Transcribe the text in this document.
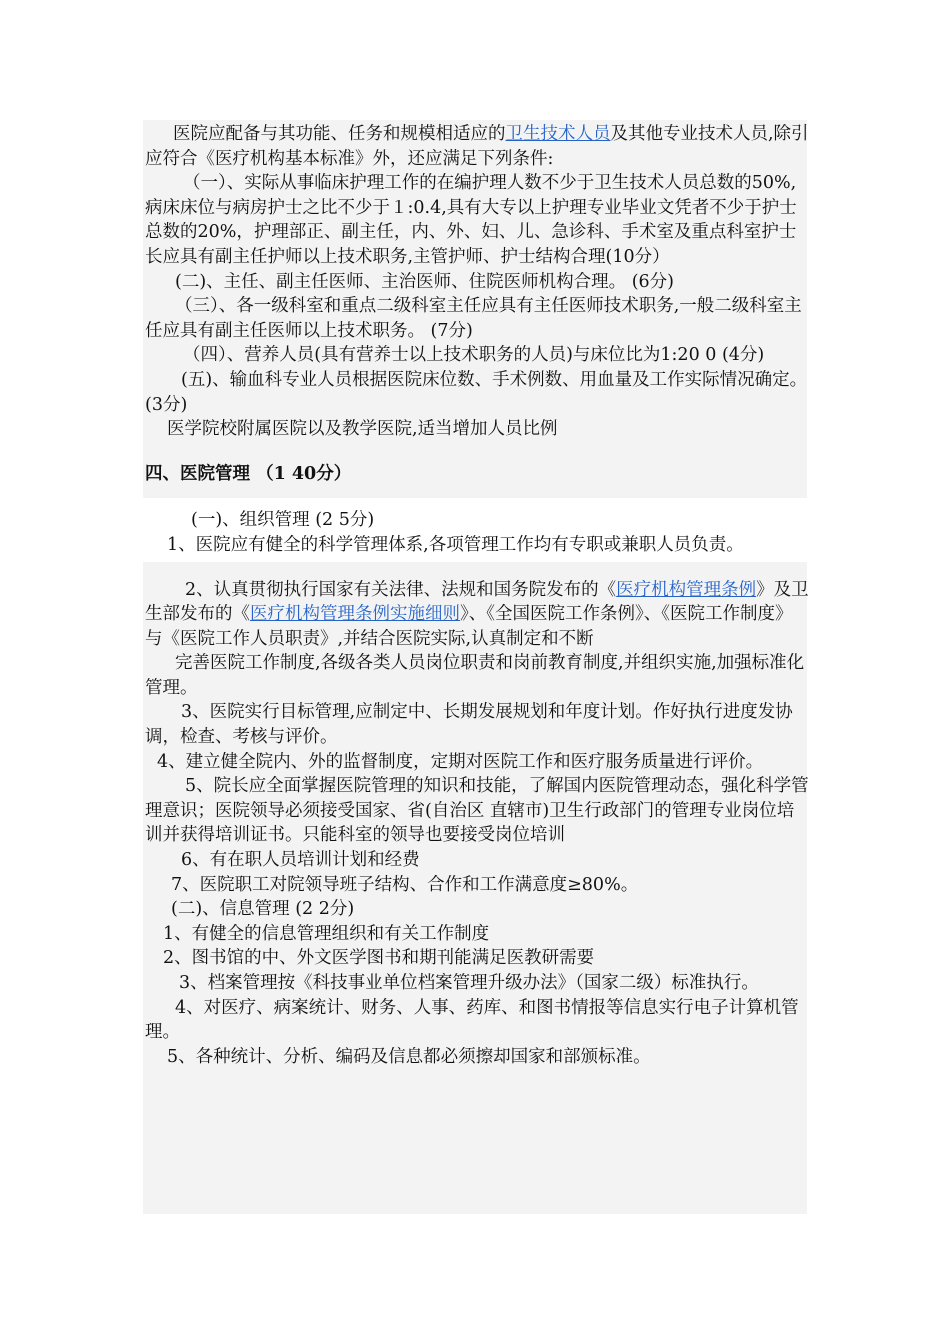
医院应配备与其功能、任务和规模相适应的卫生技术人员及其他专业技术人员,除引应符合《医疗机构基本标准》外，还应满足下列条件:

（一）、实际从事临床护理工作的在编护理人数不少于卫生技术人员总数的50%,病床床位与病房护士之比不少于１:0.4,具有大专以上护理专业毕业文凭者不少于护士总数的20%，护理部正、副主任，内、外、妇、儿、急诊科、手术室及重点科室护士长应具有副主任护师以上技术职务,主管护师、护士结构合理(10分）

(二)、主任、副主任医师、主治医师、住院医师机构合理。 (6分)

（三）、各一级科室和重点二级科室主任应具有主任医师技术职务,一般二级科室主任应具有副主任医师以上技术职务。 (7分)

（四）、营养人员(具有营养士以上技术职务的人员)与床位比为1:20 0 (4分)

(五)、输血科专业人员根据医院床位数、手术例数、用血量及工作实际情况确定。 (3分)

医学院校附属医院以及教学医院,适当增加人员比例

四、医院管理 （1 40分）

(一)、组织管理 (2 5分)

1、医院应有健全的科学管理体系,各项管理工作均有专职或兼职人员负责。

2、认真贯彻执行国家有关法律、法规和国务院发布的《医疗机构管理条例》及卫生部发布的《医疗机构管理条例实施细则》、《全国医院工作条例》、《医院工作制度》与《医院工作人员职责》,并结合医院实际,认真制定和不断

完善医院工作制度,各级各类人员岗位职责和岗前教育制度,并组织实施,加强标准化管理。

3、医院实行目标管理,应制定中、长期发展规划和年度计划。作好执行进度发协调，检查、考核与评价。

4、建立健全院内、外的监督制度，定期对医院工作和医疗服务质量进行评价。

5、院长应全面掌握医院管理的知识和技能，了解国内医院管理动态，强化科学管理意识；医院领导必须接受国家、省(自治区 直辖市)卫生行政部门的管理专业岗位培训并获得培训证书。只能科室的领导也要接受岗位培训

6、有在职人员培训计划和经费

7、医院职工对院领导班子结构、合作和工作满意度≥80%。

(二)、信息管理 (2 2分)

1、有健全的信息管理组织和有关工作制度

2、图书馆的中、外文医学图书和期刊能满足医教研需要

3、档案管理按《科技事业单位档案管理升级办法》（国家二级）标准执行。

4、对医疗、病案统计、财务、人事、药库、和图书情报等信息实行电子计算机管理。

5、各种统计、分析、编码及信息都必须擦却国家和部颁标准。
